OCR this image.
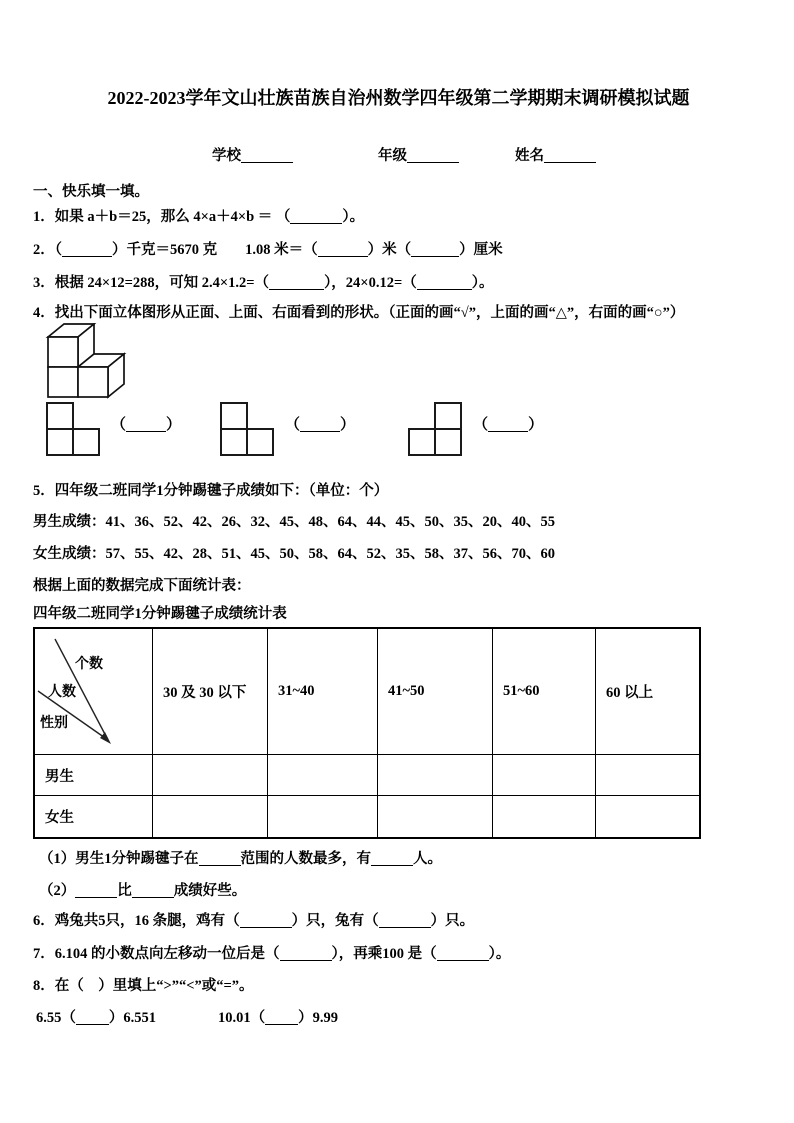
2022-2023学年文山壮族苗族自治州数学四年级第二学期期末调研模拟试题
学校	年级	姓名
一、快乐填一填。
1．如果 a＋b＝25，那么 4×a＋4×b ＝ （	）。
2．（	）千克＝5670 克 1.08 米＝（	）米（	）厘米
3．根据 24×12=288，可知 2.4×1.2=（	），24×0.12=（	）。
4．找出下面立体图形从正面、上面、右面看到的形状。（正面的画“√”，上面的画“△”，右面的画“○”）
（	）	（	）	（	）
5．四年级二班同学1分钟踢毽子成绩如下：（单位：个）
男生成绩：41、36、52、42、26、32、45、48、64、44、45、50、35、20、40、55
女生成绩：57、55、42、28、51、45、50、58、64、52、35、58、37、56、70、60
根据上面的数据完成下面统计表：
四年级二班同学1分钟踢毽子成绩统计表
个数
人数
性别	30 及 30 以下	31~40	41~50	51~60	60 以上
男生					
女生					
（1）男生1分钟踢毽子在	范围的人数最多，有	人。
（2）	比	成绩好些。
6．鸡兔共5只，16 条腿，鸡有（	）只，兔有（	）只。
7．6.104 的小数点向左移动一位后是（	），再乘100 是（	）。
8．在（　）里填上“>”“<”或“=”。
6.55（ ）6.551	10.01（ ）9.99
